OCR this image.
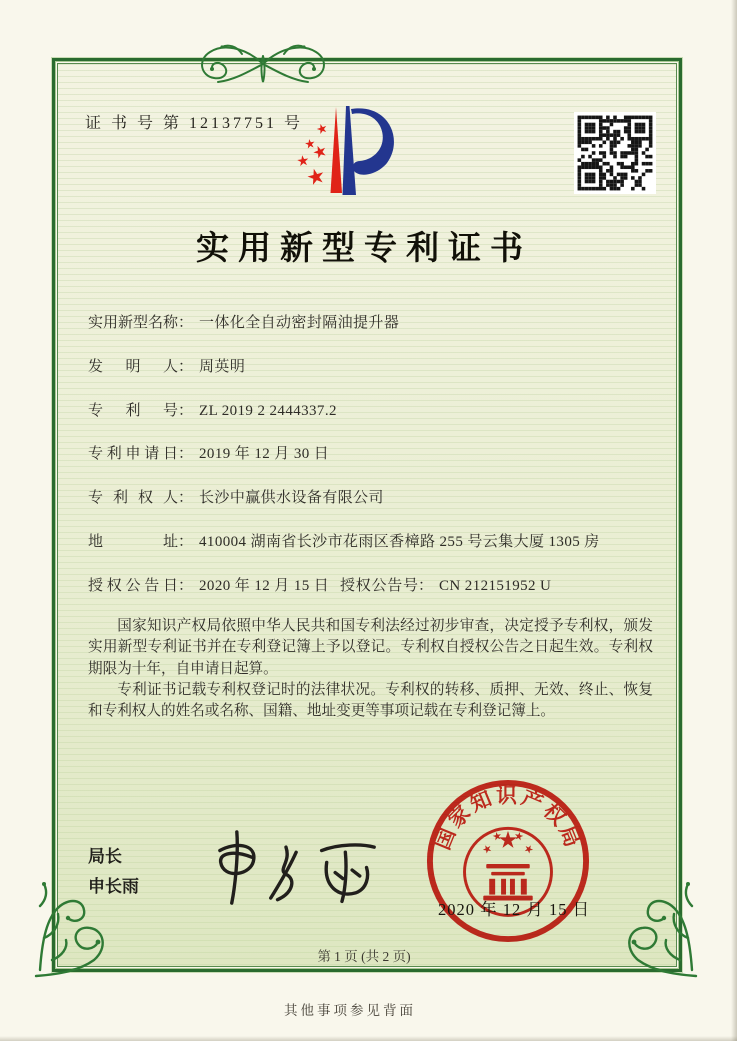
证 书 号 第 12137751 号
实用新型专利证书
实用新型名称： 一体化全自动密封隔油提升器
发明人： 周英明
专利号： ZL 2019 2 2444337.2
专利申请日： 2019 年 12 月 30 日
专利权人： 长沙中赢供水设备有限公司
地址： 410004 湖南省长沙市花雨区香樟路 255 号云集大厦 1305 房
授权公告日： 2020 年 12 月 15 日 授权公告号： CN 212151952 U

国家知识产权局依照中华人民共和国专利法经过初步审查，决定授予专利权，颁发实用新型专利证书并在专利登记簿上予以登记。专利权自授权公告之日起生效。专利权期限为十年，自申请日起算。

专利证书记载专利权登记时的法律状况。专利权的转移、质押、无效、终止、恢复和专利权人的姓名或名称、国籍、地址变更等事项记载在专利登记簿上。

局长
申长雨
国家知识产权局
2020 年 12 月 15 日
第 1 页 (共 2 页)
其他事项参见背面
